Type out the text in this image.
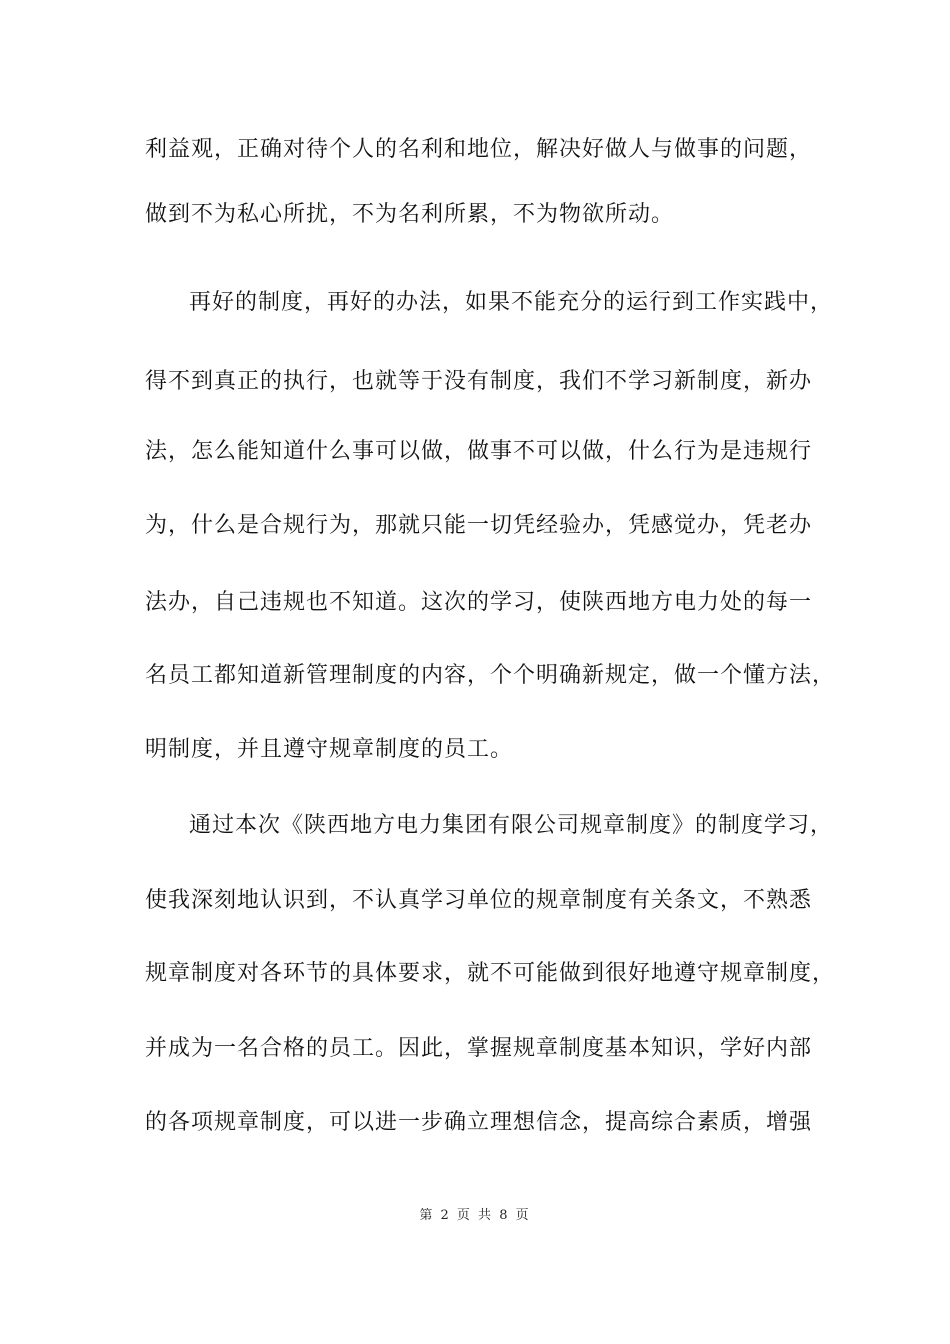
利益观，正确对待个人的名利和地位，解决好做人与做事的问题，
做到不为私心所扰，不为名利所累，不为物欲所动。
再好的制度，再好的办法，如果不能充分的运行到工作实践中，
得不到真正的执行，也就等于没有制度，我们不学习新制度，新办
法，怎么能知道什么事可以做，做事不可以做，什么行为是违规行
为，什么是合规行为，那就只能一切凭经验办，凭感觉办，凭老办
法办，自己违规也不知道。这次的学习，使陕西地方电力处的每一
名员工都知道新管理制度的内容，个个明确新规定，做一个懂方法，
明制度，并且遵守规章制度的员工。
通过本次《陕西地方电力集团有限公司规章制度》的制度学习，
使我深刻地认识到，不认真学习单位的规章制度有关条文，不熟悉
规章制度对各环节的具体要求，就不可能做到很好地遵守规章制度，
并成为一名合格的员工。因此，掌握规章制度基本知识，学好内部
的各项规章制度，可以进一步确立理想信念，提高综合素质，增强
第 2 页 共 8 页
